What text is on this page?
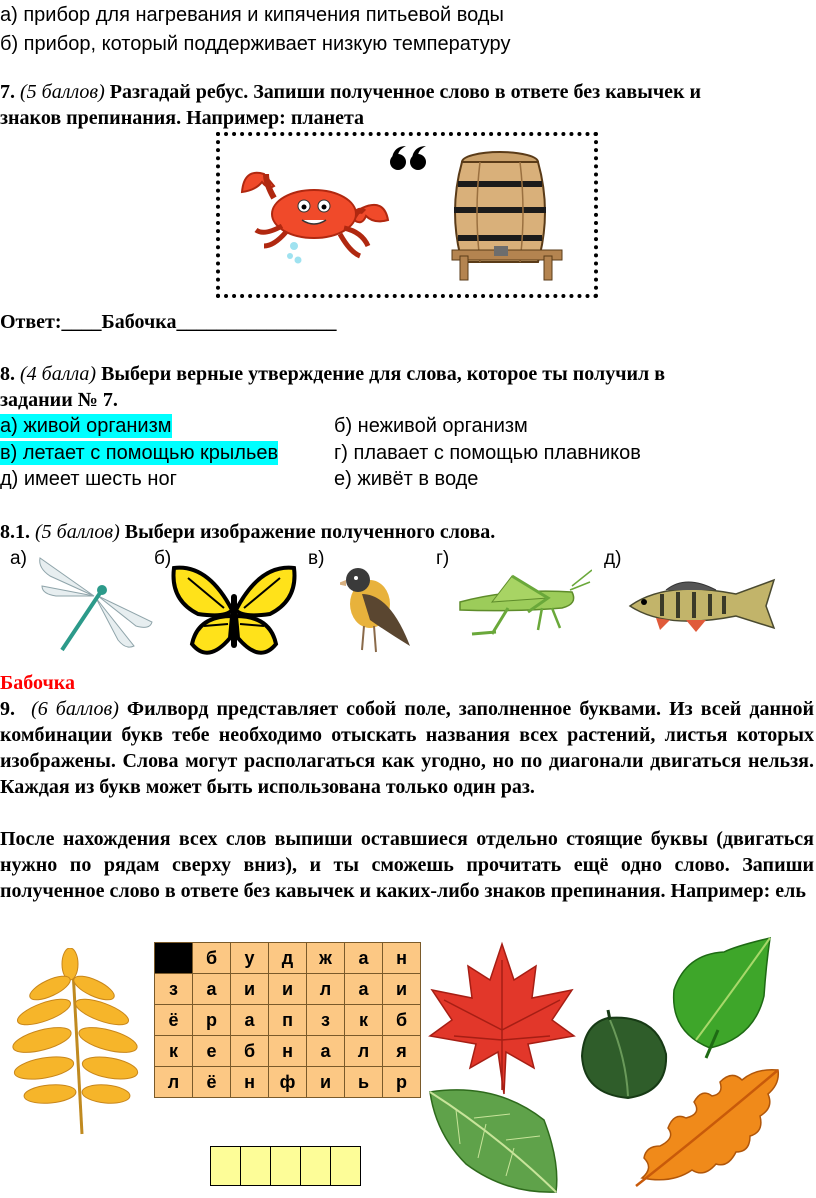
а) прибор для нагревания и кипячения питьевой воды
б) прибор, который поддерживает низкую температуру
7. (5 баллов) Разгадай ребус. Запиши полученное слово в ответе без кавычек и
знаков препинания. Например: планета
Ответ:____Бабочка________________
8. (4 балла) Выбери верные утверждение для слова, которое ты получил в
задании № 7.
а) живой организм	б) неживой организм
в) летает с помощью крыльев	г) плавает с помощью плавников
д) имеет шесть ног	е) живёт в воде
8.1. (5 баллов) Выбери изображение полученного слова.
а)	б)	в)	г)	д)
Бабочка
9. (6 баллов) Филворд представляет собой поле, заполненное буквами. Из всей данной комбинации букв тебе необходимо отыскать названия всех растений, листья которых изображены. Слова могут располагаться как угодно, но по диагонали двигаться нельзя. Каждая из букв может быть использована только один раз.
После нахождения всех слов выпиши оставшиеся отдельно стоящие буквы (двигаться нужно по рядам сверху вниз), и ты сможешь прочитать ещё одно слово. Запиши полученное слово в ответе без кавычек и каких-либо знаков препинания. Например: ель
	б	у	д	ж	а	н
з	а	и	и	л	а	и
ё	р	а	п	з	к	б
к	е	б	н	а	л	я
л	ё	н	ф	и	ь	р
